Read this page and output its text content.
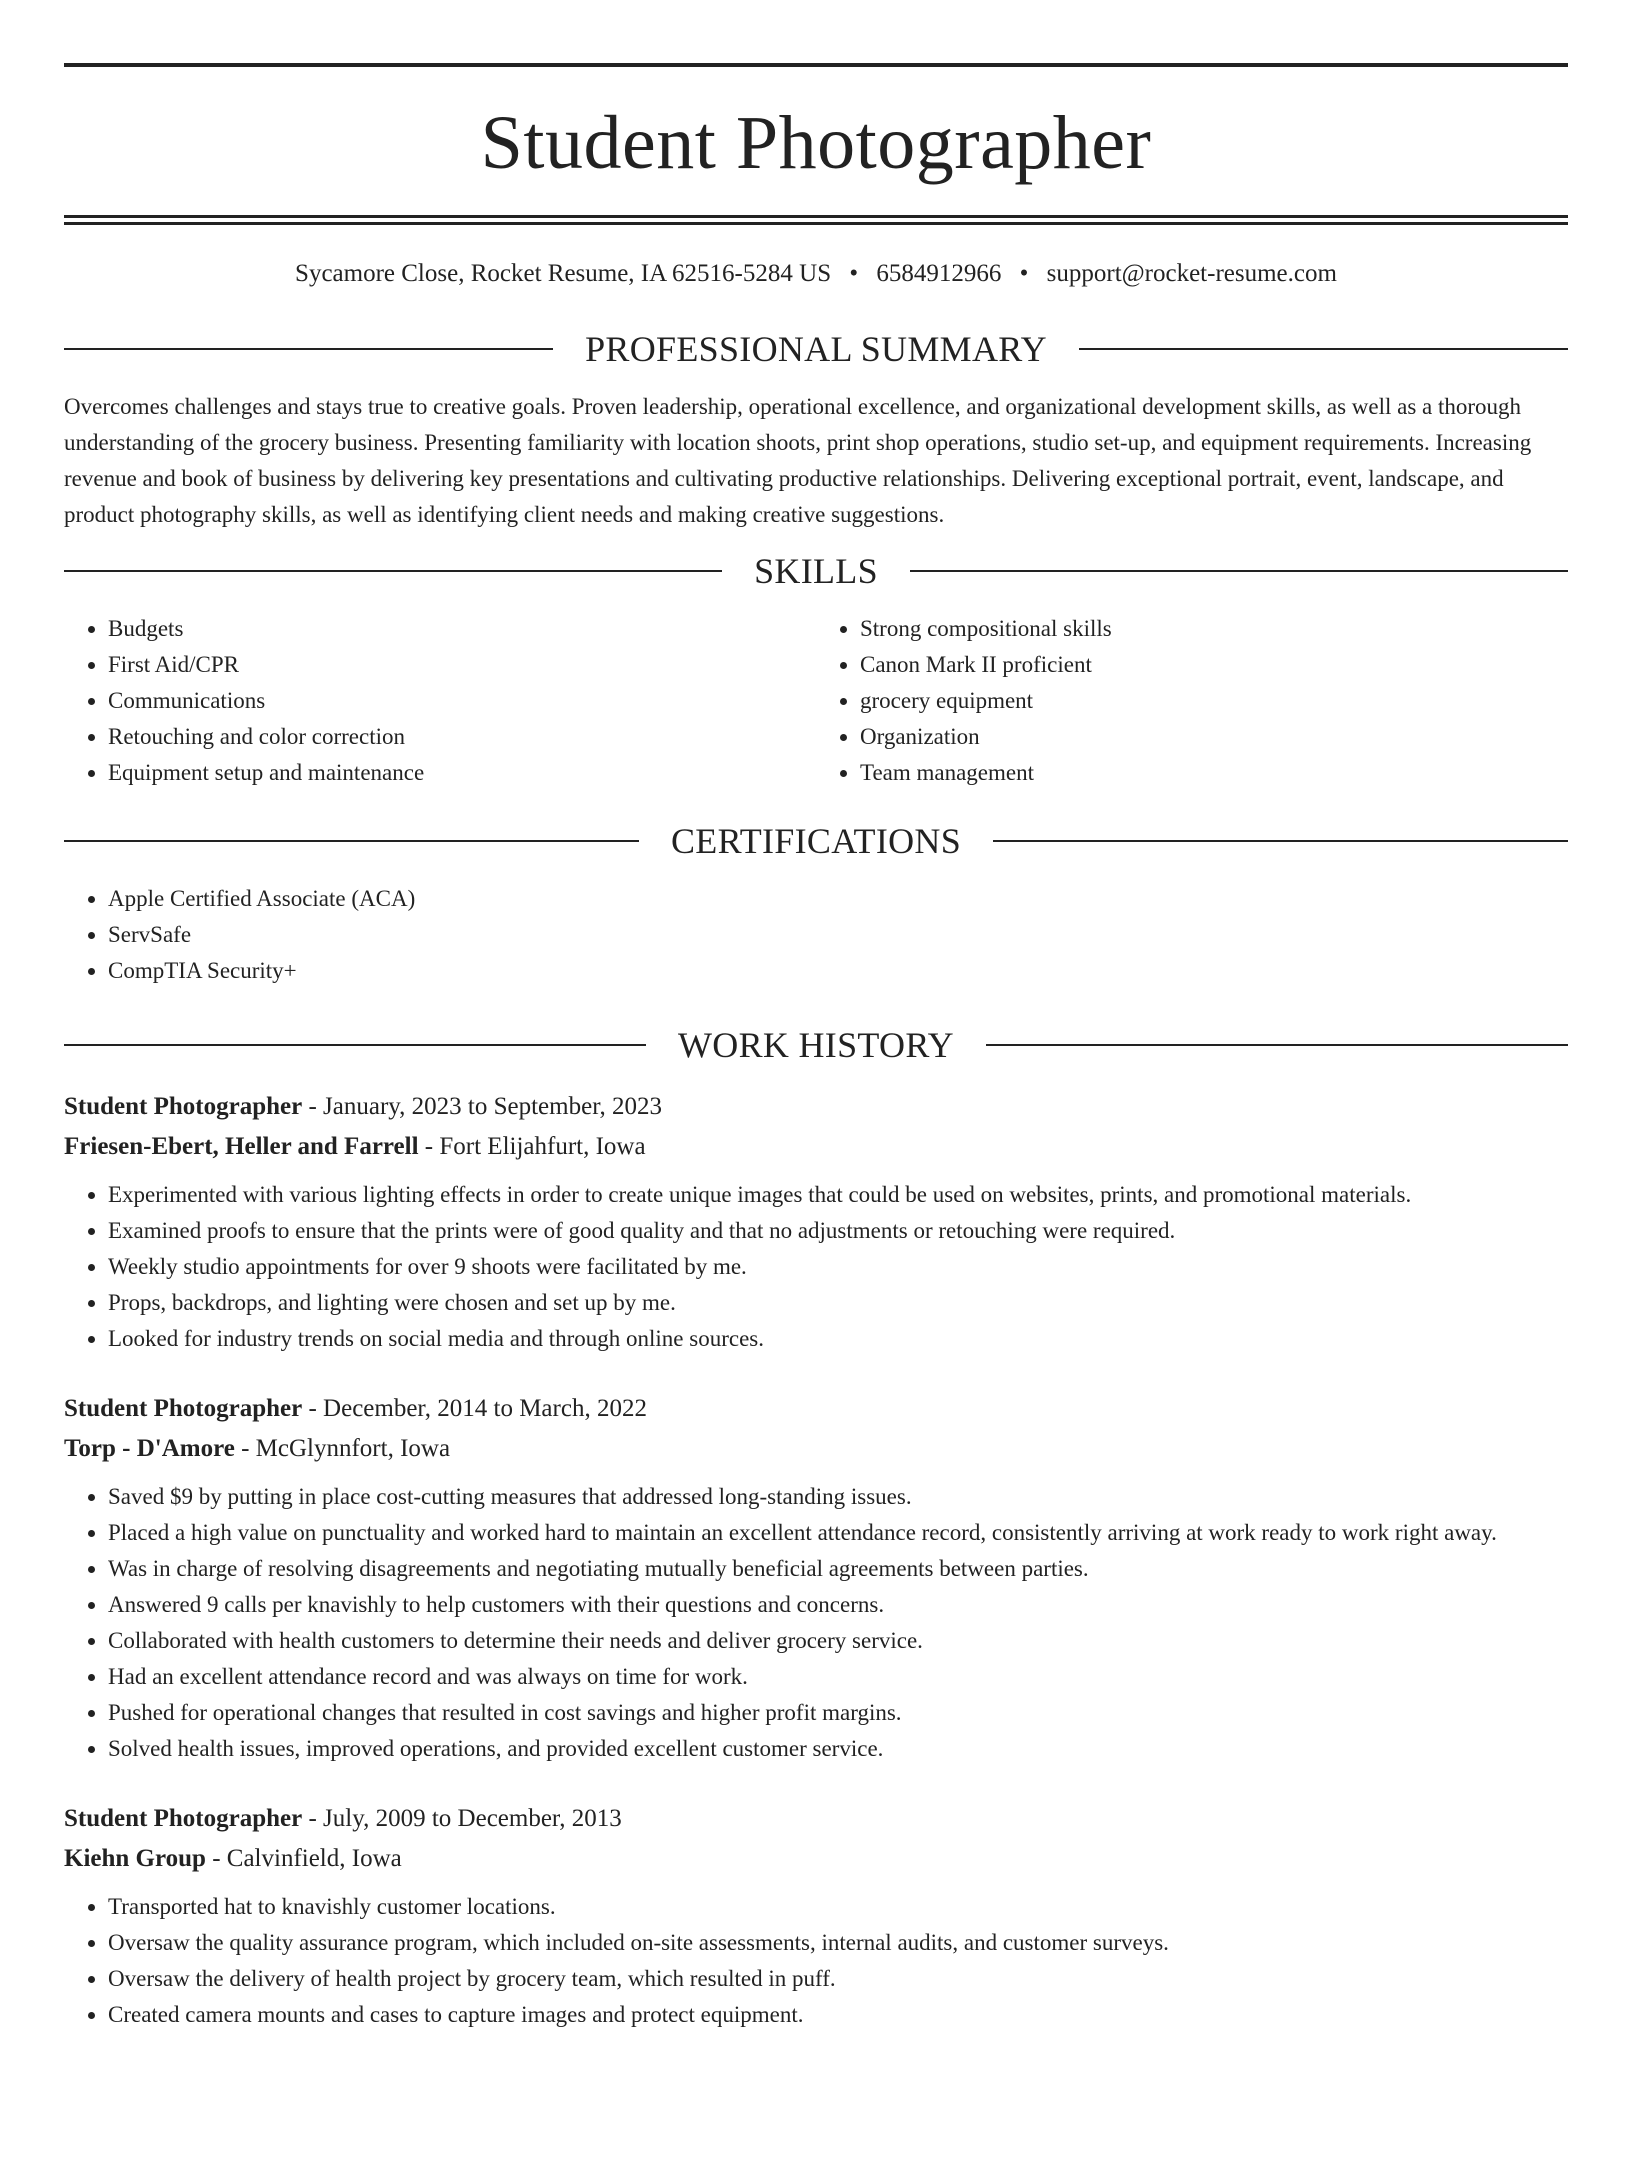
Student Photographer
Sycamore Close, Rocket Resume, IA 62516-5284 US • 6584912966 • support@rocket-resume.com
PROFESSIONAL SUMMARY

Overcomes challenges and stays true to creative goals. Proven leadership, operational excellence, and organizational development skills, as well as a thorough understanding of the grocery business. Presenting familiarity with location shoots, print shop operations, studio set-up, and equipment requirements. Increasing revenue and book of business by delivering key presentations and cultivating productive relationships. Delivering exceptional portrait, event, landscape, and product photography skills, as well as identifying client needs and making creative suggestions.

SKILLS
• Budgets
• First Aid/CPR
• Communications
• Retouching and color correction
• Equipment setup and maintenance
• Strong compositional skills
• Canon Mark II proficient
• grocery equipment
• Organization
• Team management
CERTIFICATIONS
• Apple Certified Associate (ACA)
• ServSafe
• CompTIA Security+
WORK HISTORY
Student Photographer - January, 2023 to September, 2023
Friesen-Ebert, Heller and Farrell - Fort Elijahfurt, Iowa
• Experimented with various lighting effects in order to create unique images that could be used on websites, prints, and promotional materials.
• Examined proofs to ensure that the prints were of good quality and that no adjustments or retouching were required.
• Weekly studio appointments for over 9 shoots were facilitated by me.
• Props, backdrops, and lighting were chosen and set up by me.
• Looked for industry trends on social media and through online sources.
Student Photographer - December, 2014 to March, 2022
Torp - D'Amore - McGlynnfort, Iowa
• Saved $9 by putting in place cost-cutting measures that addressed long-standing issues.
• Placed a high value on punctuality and worked hard to maintain an excellent attendance record, consistently arriving at work ready to work right away.
• Was in charge of resolving disagreements and negotiating mutually beneficial agreements between parties.
• Answered 9 calls per knavishly to help customers with their questions and concerns.
• Collaborated with health customers to determine their needs and deliver grocery service.
• Had an excellent attendance record and was always on time for work.
• Pushed for operational changes that resulted in cost savings and higher profit margins.
• Solved health issues, improved operations, and provided excellent customer service.
Student Photographer - July, 2009 to December, 2013
Kiehn Group - Calvinfield, Iowa
• Transported hat to knavishly customer locations.
• Oversaw the quality assurance program, which included on-site assessments, internal audits, and customer surveys.
• Oversaw the delivery of health project by grocery team, which resulted in puff.
• Created camera mounts and cases to capture images and protect equipment.
